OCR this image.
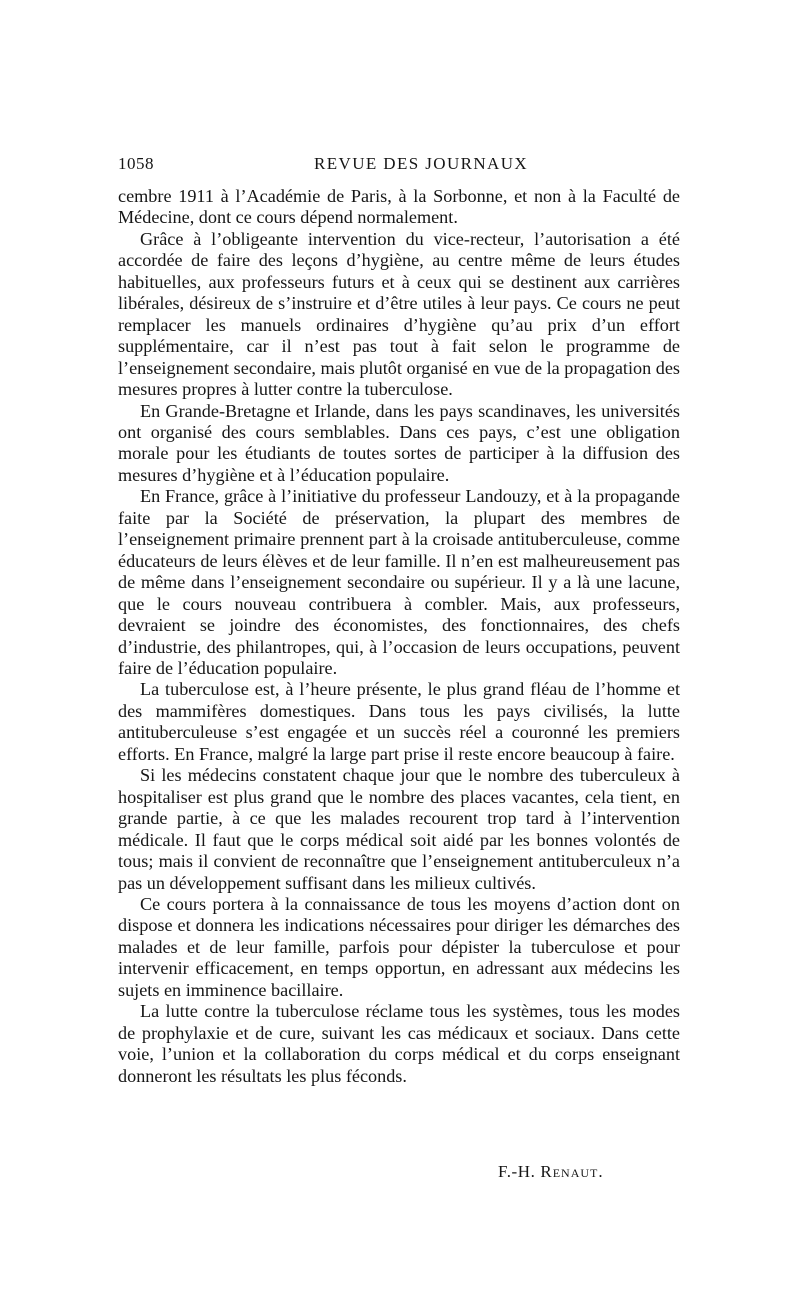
1058	REVUE DES JOURNAUX

cembre 1911 à l’Académie de Paris, à la Sorbonne, et non à la Faculté de Médecine, dont ce cours dépend normalement.

Grâce à l’obligeante intervention du vice-recteur, l’autorisation a été accordée de faire des leçons d’hygiène, au centre même de leurs études habituelles, aux professeurs futurs et à ceux qui se destinent aux carrières libérales, désireux de s’instruire et d’être utiles à leur pays. Ce cours ne peut remplacer les manuels ordinaires d’hygiène qu’au prix d’un effort supplémentaire, car il n’est pas tout à fait selon le programme de l’enseignement secondaire, mais plutôt organisé en vue de la propagation des mesures propres à lutter contre la tuberculose.

En Grande-Bretagne et Irlande, dans les pays scandinaves, les universités ont organisé des cours semblables. Dans ces pays, c’est une obligation morale pour les étudiants de toutes sortes de participer à la diffusion des mesures d’hygiène et à l’éducation populaire.

En France, grâce à l’initiative du professeur Landouzy, et à la propagande faite par la Société de préservation, la plupart des membres de l’enseignement primaire prennent part à la croisade antituberculeuse, comme éducateurs de leurs élèves et de leur famille. Il n’en est malheureusement pas de même dans l’enseignement secondaire ou supérieur. Il y a là une lacune, que le cours nouveau contribuera à combler. Mais, aux professeurs, devraient se joindre des économistes, des fonctionnaires, des chefs d’industrie, des philantropes, qui, à l’occasion de leurs occupations, peuvent faire de l’éducation populaire.

La tuberculose est, à l’heure présente, le plus grand fléau de l’homme et des mammifères domestiques. Dans tous les pays civilisés, la lutte antituberculeuse s’est engagée et un succès réel a couronné les premiers efforts. En France, malgré la large part prise il reste encore beaucoup à faire.

Si les médecins constatent chaque jour que le nombre des tuberculeux à hospitaliser est plus grand que le nombre des places vacantes, cela tient, en grande partie, à ce que les malades recourent trop tard à l’intervention médicale. Il faut que le corps médical soit aidé par les bonnes volontés de tous; mais il convient de reconnaître que l’enseignement antituberculeux n’a pas un développement suffisant dans les milieux cultivés.

Ce cours portera à la connaissance de tous les moyens d’action dont on dispose et donnera les indications nécessaires pour diriger les démarches des malades et de leur famille, parfois pour dépister la tuberculose et pour intervenir efficacement, en temps opportun, en adressant aux médecins les sujets en imminence bacillaire.

La lutte contre la tuberculose réclame tous les systèmes, tous les modes de prophylaxie et de cure, suivant les cas médicaux et sociaux. Dans cette voie, l’union et la collaboration du corps médical et du corps enseignant donneront les résultats les plus féconds.

F.-H. Renaut.
